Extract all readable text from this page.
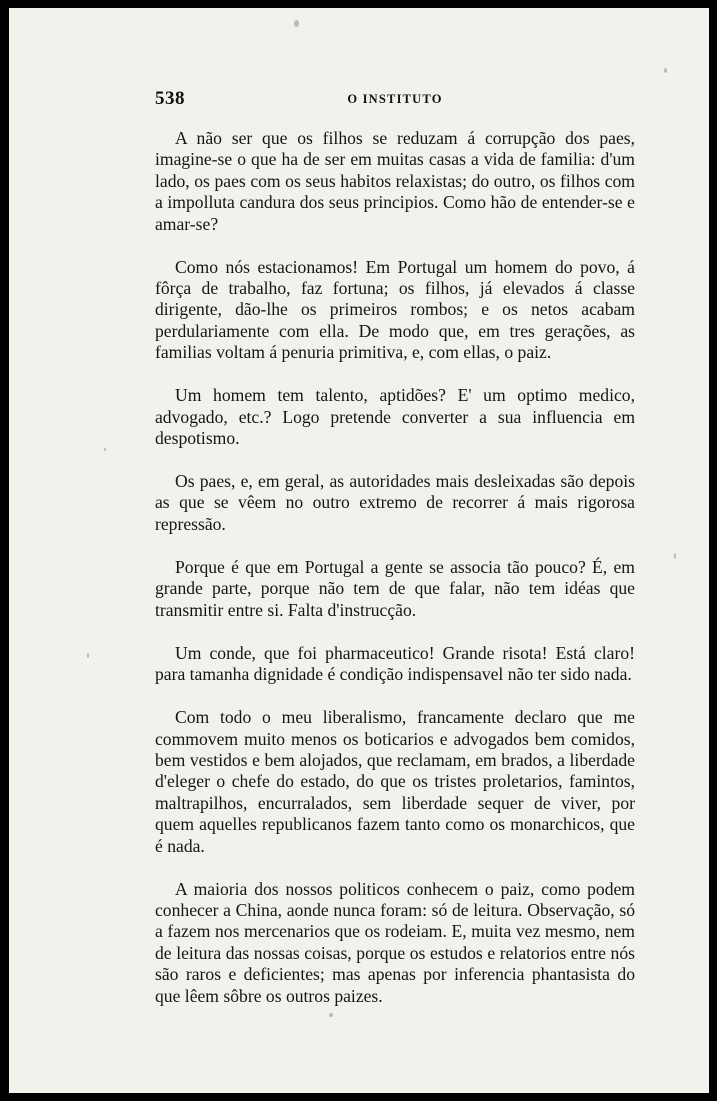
538	O INSTITUTO

A não ser que os filhos se reduzam á corrupção dos paes, imagine-se o que ha de ser em muitas casas a vida de familia: d'um lado, os paes com os seus habitos relaxistas; do outro, os filhos com a impolluta candura dos seus principios. Como hão de entender-se e amar-se?

Como nós estacionamos! Em Portugal um homem do povo, á fôrça de trabalho, faz fortuna; os filhos, já elevados á classe dirigente, dão-lhe os primeiros rombos; e os netos acabam perdulariamente com ella. De modo que, em tres gerações, as familias voltam á penuria primitiva, e, com ellas, o paiz.

Um homem tem talento, aptidões? E' um optimo medico, advogado, etc.? Logo pretende converter a sua influencia em despotismo.

Os paes, e, em geral, as autoridades mais desleixadas são depois as que se vêem no outro extremo de recorrer á mais rigorosa repressão.

Porque é que em Portugal a gente se associa tão pouco? É, em grande parte, porque não tem de que falar, não tem idéas que transmitir entre si. Falta d'instrucção.

Um conde, que foi pharmaceutico! Grande risota! Está claro! para tamanha dignidade é condição indispensavel não ter sido nada.

Com todo o meu liberalismo, francamente declaro que me commovem muito menos os boticarios e advogados bem comidos, bem vestidos e bem alojados, que reclamam, em brados, a liberdade d'eleger o chefe do estado, do que os tristes proletarios, famintos, maltrapilhos, encurralados, sem liberdade sequer de viver, por quem aquelles republicanos fazem tanto como os monarchicos, que é nada.

A maioria dos nossos politicos conhecem o paiz, como podem conhecer a China, aonde nunca foram: só de leitura. Observação, só a fazem nos mercenarios que os rodeiam. E, muita vez mesmo, nem de leitura das nossas coisas, porque os estudos e relatorios entre nós são raros e deficientes; mas apenas por inferencia phantasista do que lêem sôbre os outros paizes.
